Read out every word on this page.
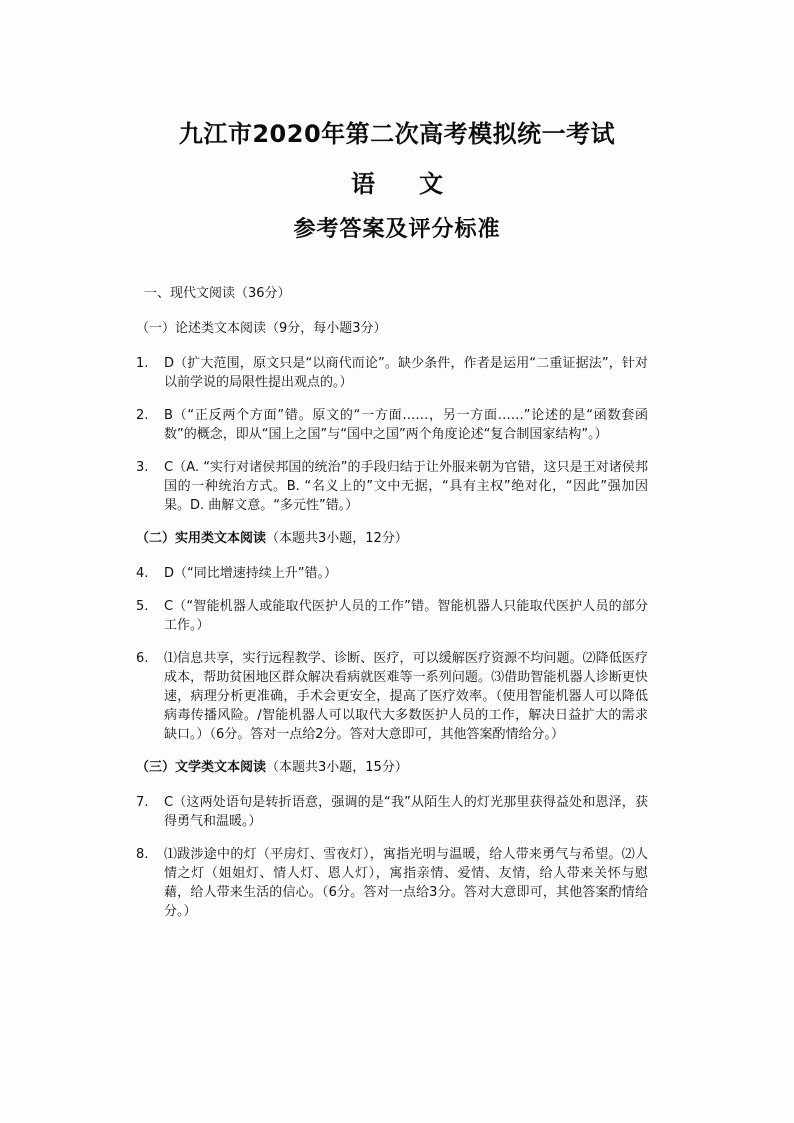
九江市2020年第二次高考模拟统一考试
语文
参考答案及评分标准
一、现代文阅读（36分）
（一）论述类文本阅读（9分，每小题3分）
1.	D（扩大范围，原文只是“以商代而论”。缺少条件，作者是运用“二重证据法”，针对以前学说的局限性提出观点的。）
2.	B（“正反两个方面”错。原文的“一方面……，另一方面……”论述的是“函数套函数”的概念，即从“国上之国”与“国中之国”两个角度论述“复合制国家结构”。）
3.	C（A. “实行对诸侯邦国的统治”的手段归结于让外服来朝为官错，这只是王对诸侯邦国的一种统治方式。B. “名义上的”文中无据，“具有主权”绝对化，“因此”强加因果。D. 曲解文意。“多元性”错。）
（二）实用类文本阅读（本题共3小题，12分）
4.	D（“同比增速持续上升”错。）
5.	C（“智能机器人或能取代医护人员的工作”错。智能机器人只能取代医护人员的部分工作。）
6.	⑴信息共享，实行远程教学、诊断、医疗，可以缓解医疗资源不均问题。⑵降低医疗成本，帮助贫困地区群众解决看病就医难等一系列问题。⑶借助智能机器人诊断更快速，病理分析更准确，手术会更安全，提高了医疗效率。（使用智能机器人可以降低病毒传播风险。/智能机器人可以取代大多数医护人员的工作，解决日益扩大的需求缺口。）（6分。答对一点给2分。答对大意即可，其他答案酌情给分。）
（三）文学类文本阅读（本题共3小题，15分）
7.	C（这两处语句是转折语意，强调的是“我”从陌生人的灯光那里获得益处和恩泽，获得勇气和温暖。）
8.	⑴跋涉途中的灯（平房灯、雪夜灯），寓指光明与温暖，给人带来勇气与希望。⑵人情之灯（姐姐灯、情人灯、恩人灯），寓指亲情、爱情、友情，给人带来关怀与慰藉，给人带来生活的信心。（6分。答对一点给3分。答对大意即可，其他答案酌情给分。）
